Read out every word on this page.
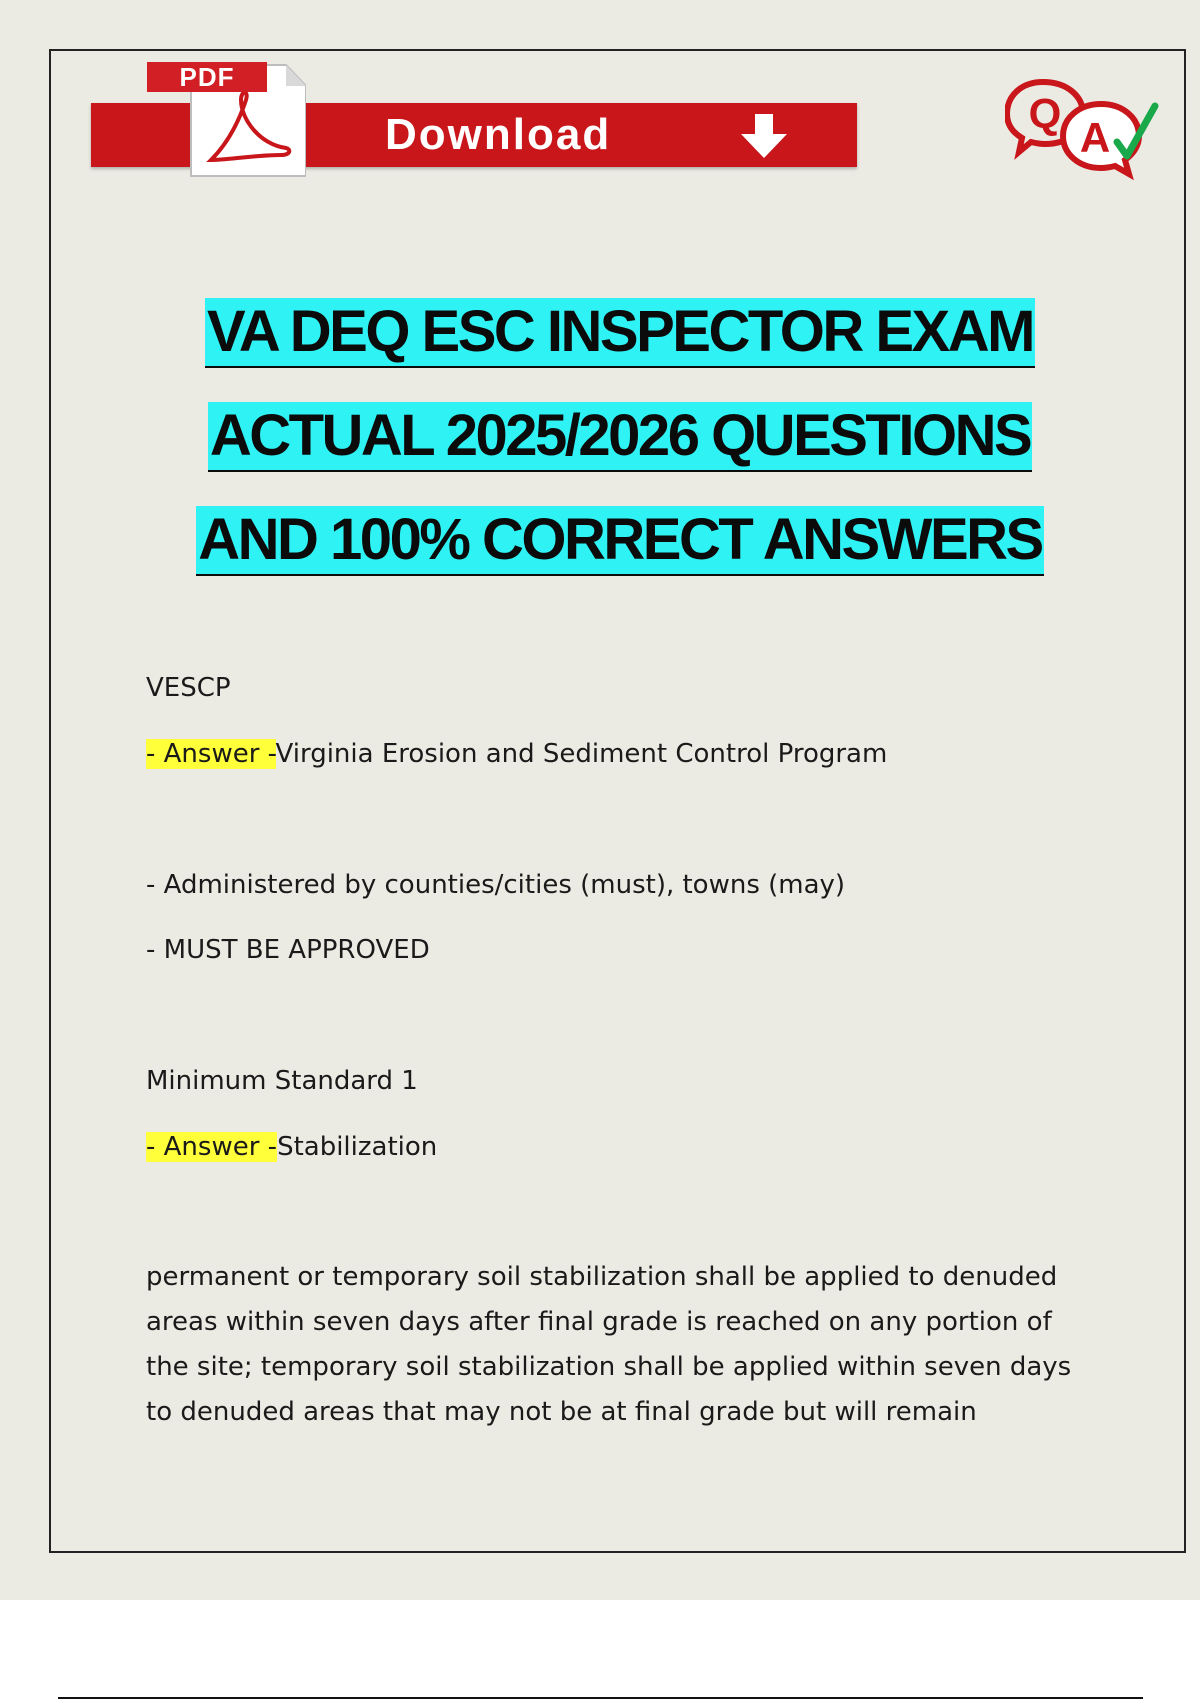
PDF
Download	Q
A
VA DEQ ESC INSPECTOR EXAM
ACTUAL 2025/2026 QUESTIONS
AND 100% CORRECT ANSWERS
VESCP
- Answer -Virginia Erosion and Sediment Control Program
- Administered by counties/cities (must), towns (may)
- MUST BE APPROVED
Minimum Standard 1
- Answer -Stabilization
permanent or temporary soil stabilization shall be applied to denuded areas within seven days after final grade is reached on any portion of the site; temporary soil stabilization shall be applied within seven days to denuded areas that may not be at final grade but will remain
